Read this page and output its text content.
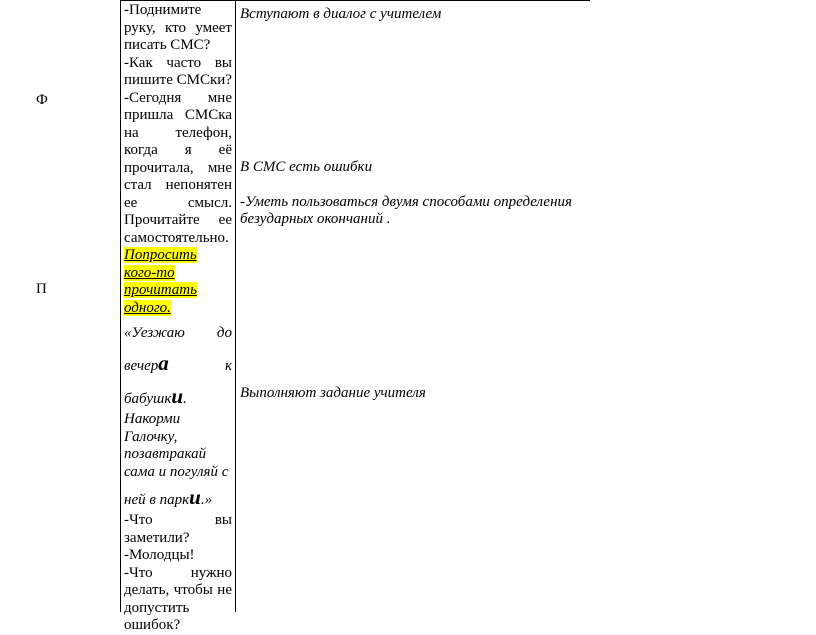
Ф
П

-Поднимите руку, кто умеет писать СМС?

-Как часто вы пишите СМСки?

-Сегодня мне пришла СМСка на телефон, когда я её прочитала, мне стал непонятен ее смысл. Прочитайте ее самостоятельно.

Попросить кого-то прочитать одного.

«Уезжаю до

вечера	к

бабушки.

Накорми Галочку, позавтракай сама и погуляй с

ней в парки.»

-Что вы заметили?

-Молодцы!

-Что нужно делать, чтобы не допустить ошибок?

Вступают в диалог с учителем
В СМС есть ошибки
-Уметь пользоваться двумя способами определения безударных окончаний .
Выполняют задание учителя
